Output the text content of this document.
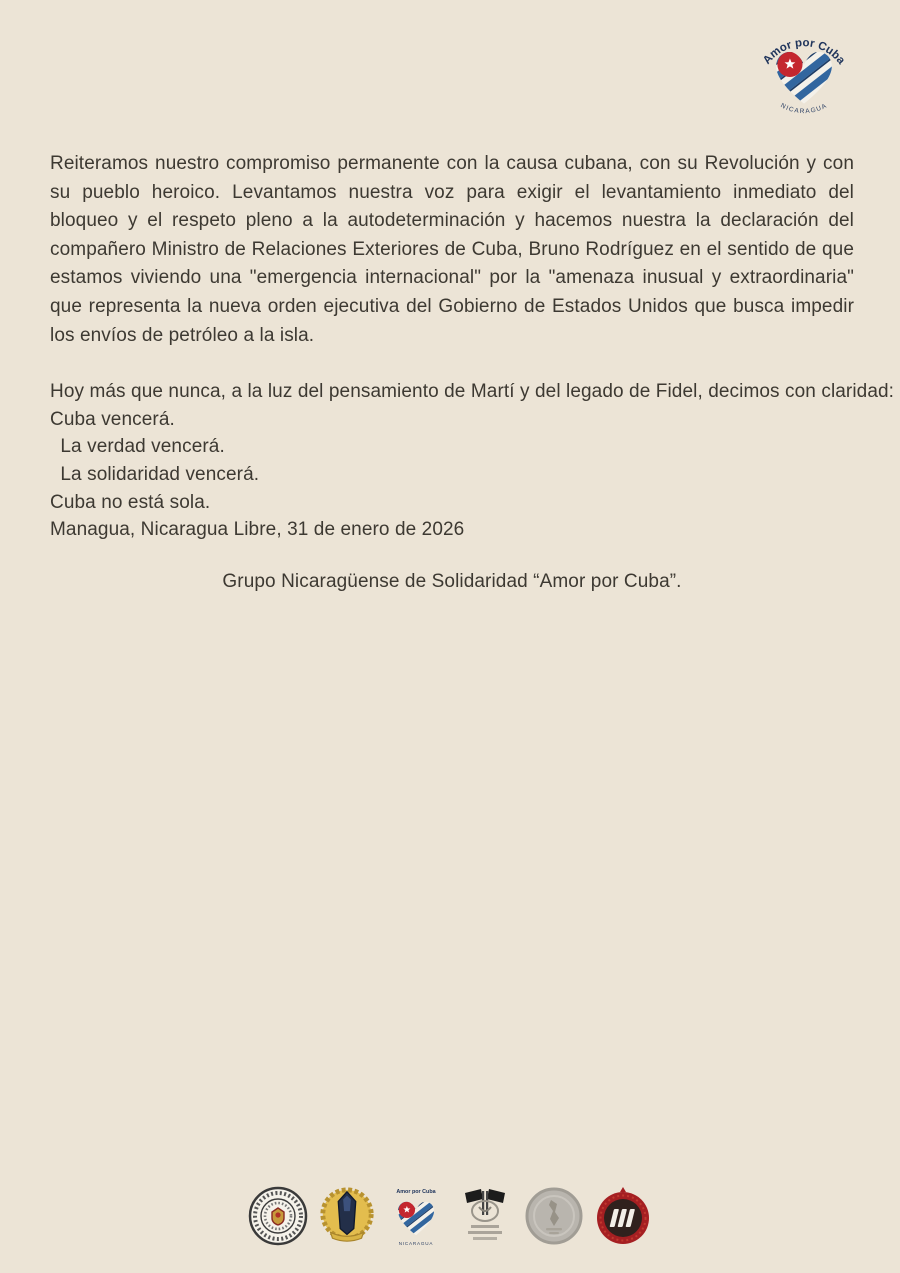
Amor por Cuba
NICARAGUA

Reiteramos nuestro compromiso permanente con la causa cubana, con su Revolución y con su pueblo heroico. Levantamos nuestra voz para exigir el levantamiento inmediato del bloqueo y el respeto pleno a la autodeterminación y hacemos nuestra la declaración del compañero Ministro de Relaciones Exteriores de Cuba, Bruno Rodríguez en el sentido de que estamos viviendo una "emergencia internacional" por la "amenaza inusual y extraordinaria" que representa la nueva orden ejecutiva del Gobierno de Estados Unidos que busca impedir los envíos de petróleo a la isla.

Hoy más que nunca, a la luz del pensamiento de Martí y del legado de Fidel, decimos con claridad:

Cuba vencerá.

La verdad vencerá.

La solidaridad vencerá.

Cuba no está sola.

Managua, Nicaragua Libre, 31 de enero de 2026

Grupo Nicaragüense de Solidaridad “Amor por Cuba”.

Amor por Cuba
NICARAGUA
